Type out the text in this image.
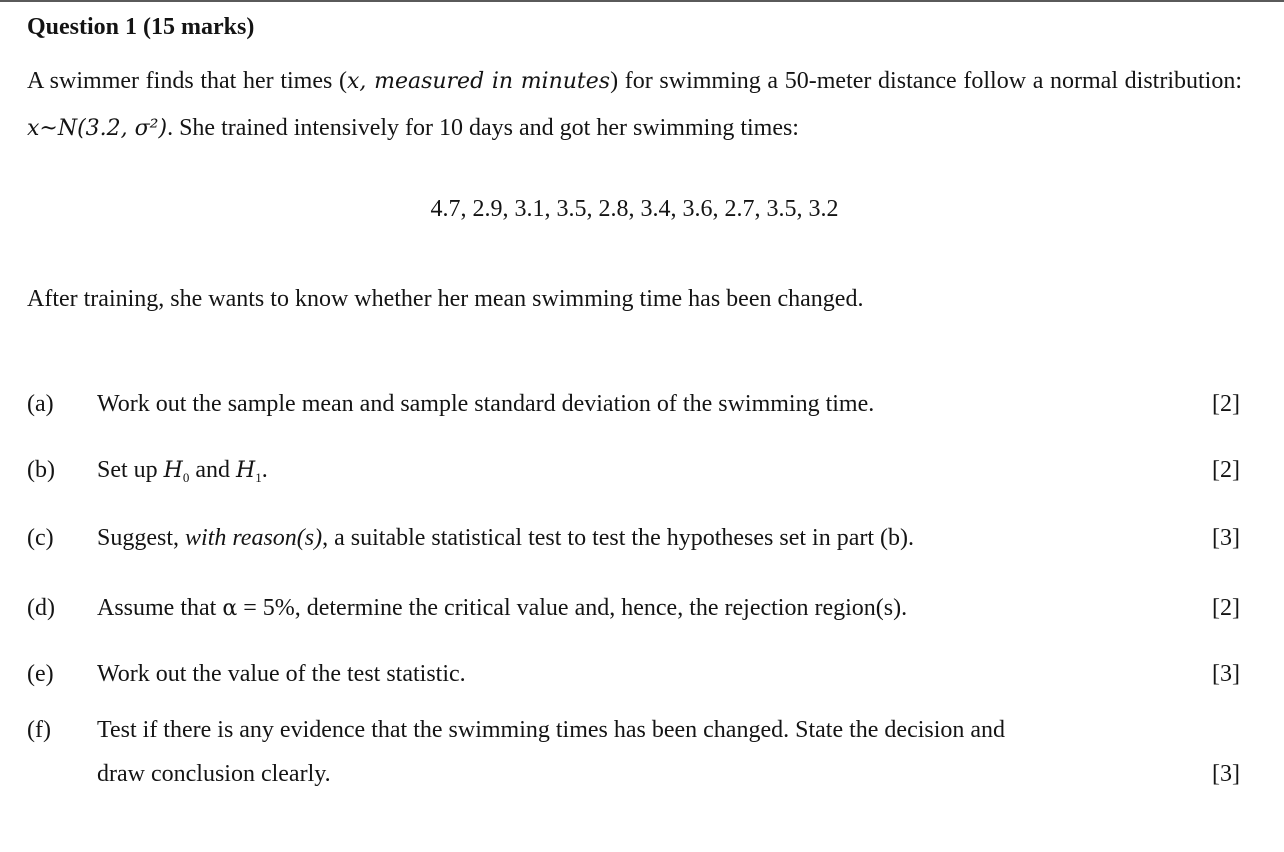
Question 1 (15 marks)
A swimmer finds that her times (x, measured in minutes) for swimming a 50-meter distance follow a normal distribution: x~N(3.2, σ²). She trained intensively for 10 days and got her swimming times:
4.7, 2.9, 3.1, 3.5, 2.8, 3.4, 3.6, 2.7, 3.5, 3.2
After training, she wants to know whether her mean swimming time has been changed.
(a) Work out the sample mean and sample standard deviation of the swimming time.	[2]
(b) Set up $H_0$ and $H_1$.	[2]
(c) Suggest, with reason(s), a suitable statistical test to test the hypotheses set in part (b).	[3]
(d) Assume that α = 5%, determine the critical value and, hence, the rejection region(s).	[2]
(e) Work out the value of the test statistic.	[3]
(f) Test if there is any evidence that the swimming times has been changed. State the decision and
draw conclusion clearly.	[3]
